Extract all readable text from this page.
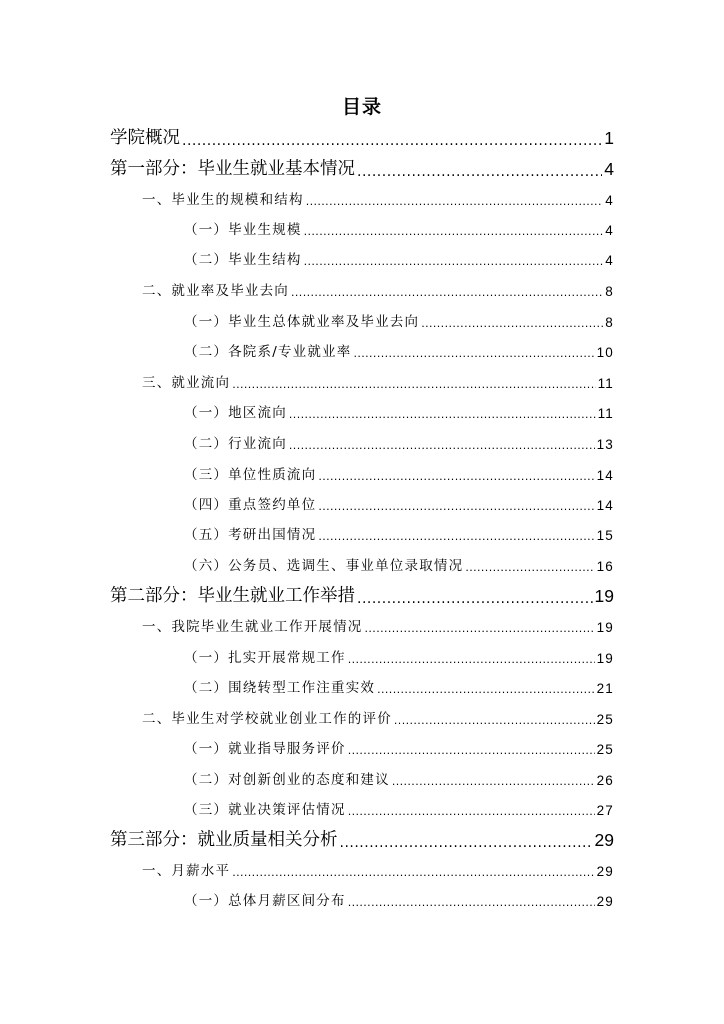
目录
学院概况 .....	1
第一部分：毕业生就业基本情况 .....	4
一、毕业生的规模和结构 .....	4
（一）毕业生规模 .....	4
（二）毕业生结构 .....	4
二、就业率及毕业去向 .....	8
（一）毕业生总体就业率及毕业去向 .....	8
（二）各院系/专业就业率 .....	10
三、就业流向 .....	11
（一）地区流向 .....	11
（二）行业流向 .....	13
（三）单位性质流向 .....	14
（四）重点签约单位 .....	14
（五）考研出国情况 .....	15
（六）公务员、选调生、事业单位录取情况 .....	16
第二部分：毕业生就业工作举措 .....	19
一、我院毕业生就业工作开展情况 .....	19
（一）扎实开展常规工作 .....	19
（二）围绕转型工作注重实效 .....	21
二、毕业生对学校就业创业工作的评价 .....	25
（一）就业指导服务评价 .....	25
（二）对创新创业的态度和建议 .....	26
（三）就业决策评估情况 .....	27
第三部分：就业质量相关分析 .....	29
一、月薪水平 .....	29
（一）总体月薪区间分布 .....	29
